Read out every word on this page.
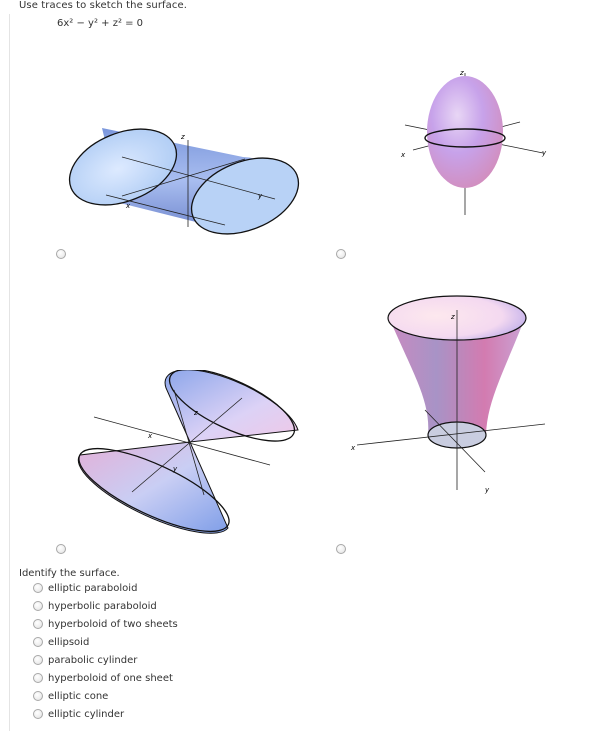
Use traces to sketch the surface.
6x² − y² + z² = 0
z
x
y
z
x	y
z
x
y
z
x
y
Identify the surface.
elliptic paraboloid
hyperbolic paraboloid
hyperboloid of two sheets
ellipsoid
parabolic cylinder
hyperboloid of one sheet
elliptic cone
elliptic cylinder
